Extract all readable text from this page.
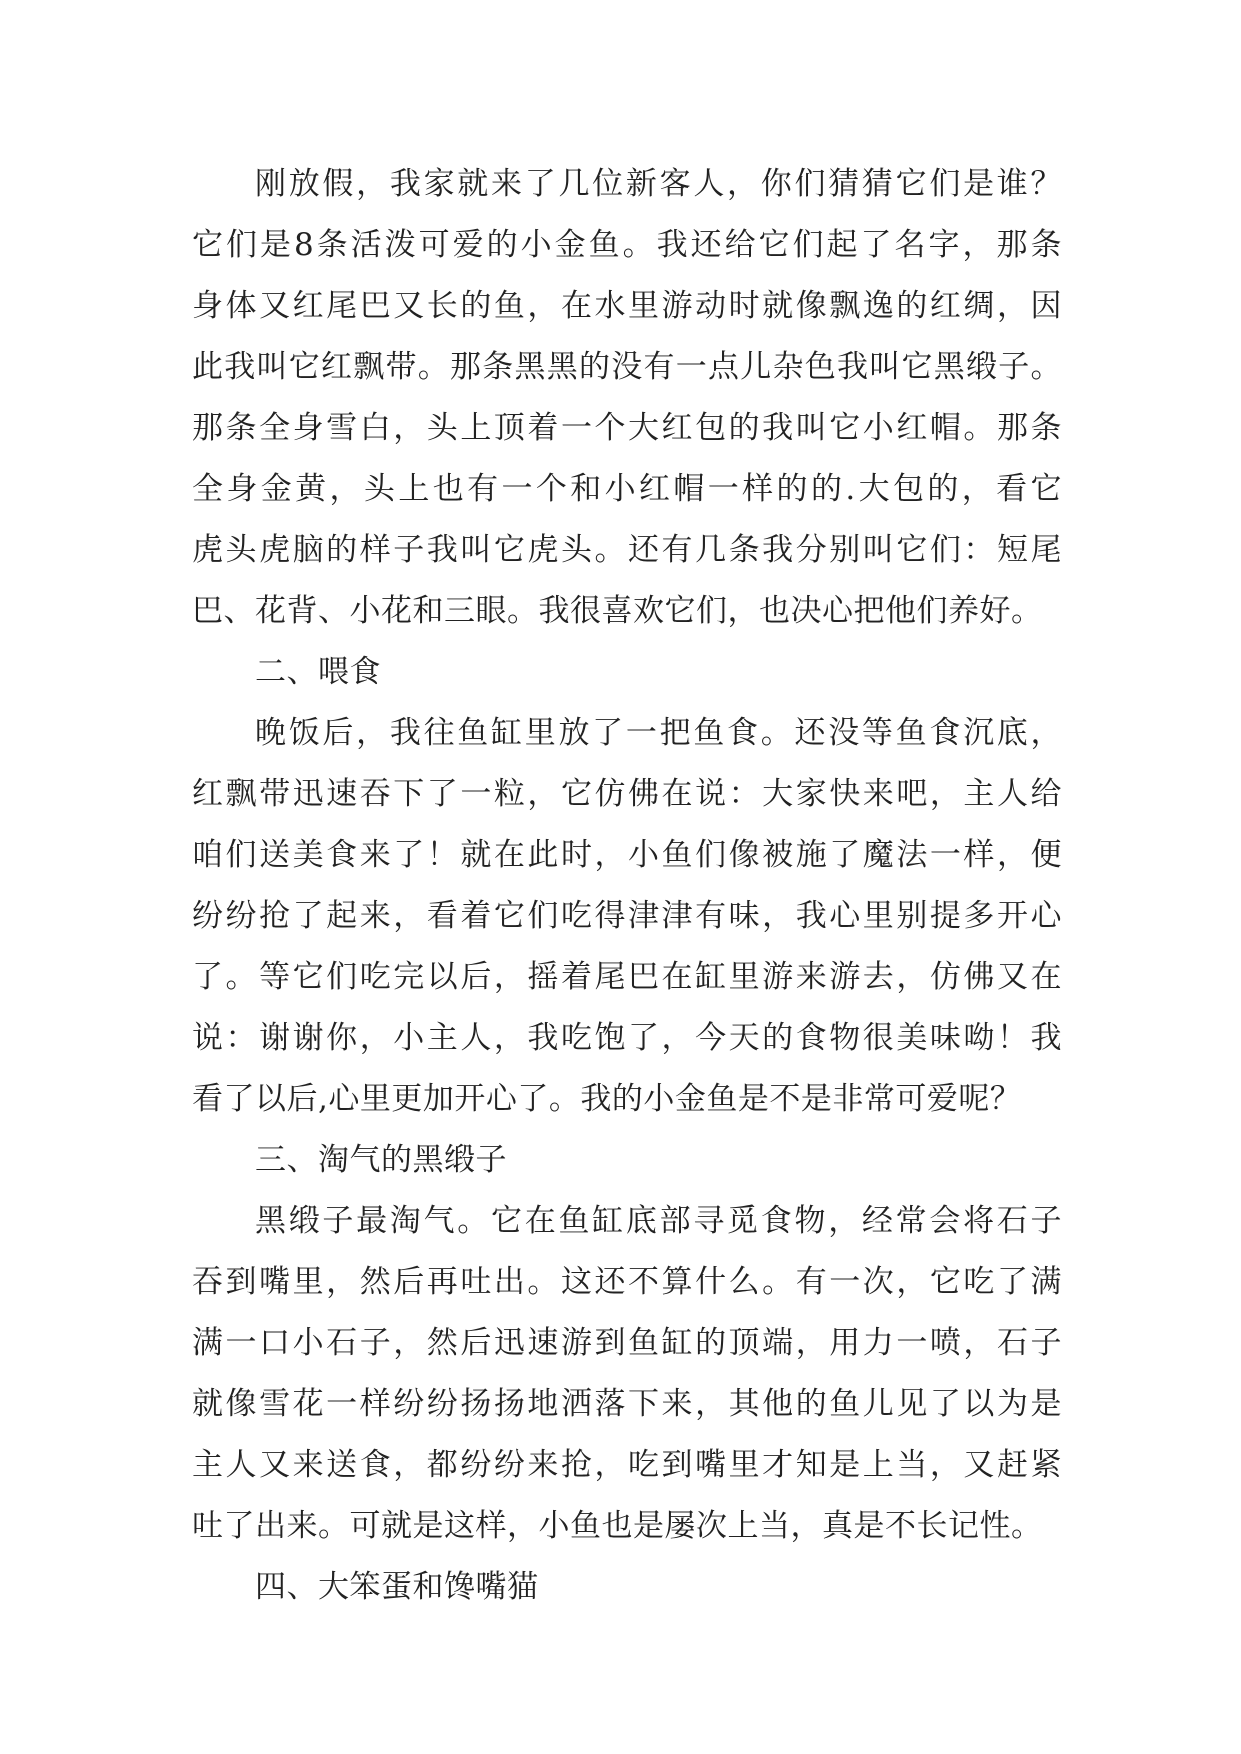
刚放假，我家就来了几位新客人，你们猜猜它们是谁？
它们是8条活泼可爱的小金鱼。我还给它们起了名字，那条
身体又红尾巴又长的鱼，在水里游动时就像飘逸的红绸，因
此我叫它红飘带。那条黑黑的没有一点儿杂色我叫它黑缎子。
那条全身雪白，头上顶着一个大红包的我叫它小红帽。那条
全身金黄，头上也有一个和小红帽一样的的.大包的，看它
虎头虎脑的样子我叫它虎头。还有几条我分别叫它们：短尾
巴、花背、小花和三眼。我很喜欢它们，也决心把他们养好。
二、喂食
晚饭后，我往鱼缸里放了一把鱼食。还没等鱼食沉底，
红飘带迅速吞下了一粒，它仿佛在说：大家快来吧，主人给
咱们送美食来了！就在此时，小鱼们像被施了魔法一样，便
纷纷抢了起来，看着它们吃得津津有味，我心里别提多开心
了。等它们吃完以后，摇着尾巴在缸里游来游去，仿佛又在
说：谢谢你，小主人，我吃饱了，今天的食物很美味呦！我
看了以后,心里更加开心了。我的小金鱼是不是非常可爱呢？
三、淘气的黑缎子
黑缎子最淘气。它在鱼缸底部寻觅食物，经常会将石子
吞到嘴里，然后再吐出。这还不算什么。有一次，它吃了满
满一口小石子，然后迅速游到鱼缸的顶端，用力一喷，石子
就像雪花一样纷纷扬扬地洒落下来，其他的鱼儿见了以为是
主人又来送食，都纷纷来抢，吃到嘴里才知是上当，又赶紧
吐了出来。可就是这样，小鱼也是屡次上当，真是不长记性。
四、大笨蛋和馋嘴猫
